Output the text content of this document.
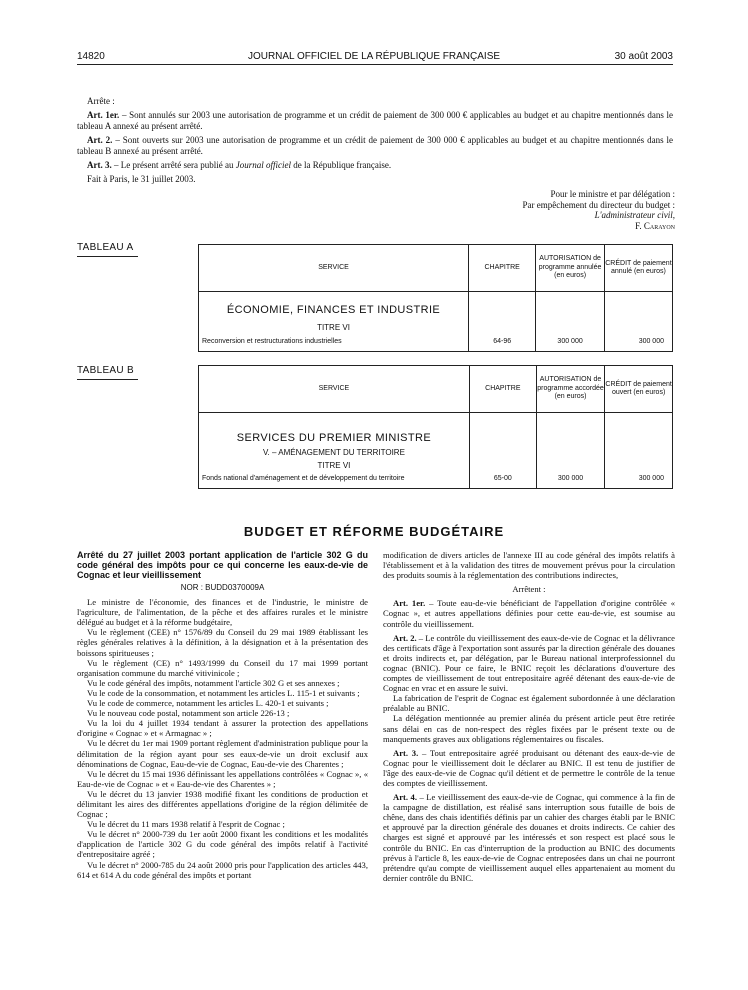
14820	JOURNAL OFFICIEL DE LA RÉPUBLIQUE FRANÇAISE	30 août 2003

Arrête :

Art. 1er. – Sont annulés sur 2003 une autorisation de programme et un crédit de paiement de 300 000 € applicables au budget et au chapitre mentionnés dans le tableau A annexé au présent arrêté.

Art. 2. – Sont ouverts sur 2003 une autorisation de programme et un crédit de paiement de 300 000 € applicables au budget et au chapitre mentionnés dans le tableau B annexé au présent arrêté.

Art. 3. – Le présent arrêté sera publié au Journal officiel de la République française.

Fait à Paris, le 31 juillet 2003.

Pour le ministre et par délégation :
Par empêchement du directeur du budget :
L'administrateur civil,
F. Carayon
TABLEAU A
SERVICE	CHAPITRE	AUTORISATION de programme annulée (en euros)	CRÉDIT de paiement annulé (en euros)

ÉCONOMIE, FINANCES ET INDUSTRIE
TITRE VI
Reconversion et restructurations industrielles	64-96	300 000	300 000
TABLEAU B
SERVICE	CHAPITRE	AUTORISATION de programme accordée (en euros)	CRÉDIT de paiement ouvert (en euros)

SERVICES DU PREMIER MINISTRE
V. – AMÉNAGEMENT DU TERRITOIRE
TITRE VI
Fonds national d'aménagement et de développement du territoire	65-00	300 000	300 000
BUDGET ET RÉFORME BUDGÉTAIRE

Arrêté du 27 juillet 2003 portant application de l'article 302 G du code général des impôts pour ce qui concerne les eaux-de-vie de Cognac et leur vieillissement

NOR : BUDD0370009A

Le ministre de l'économie, des finances et de l'industrie, le ministre de l'agriculture, de l'alimentation, de la pêche et des affaires rurales et le ministre délégué au budget et à la réforme budgétaire,

Vu le règlement (CEE) n° 1576/89 du Conseil du 29 mai 1989 établissant les règles générales relatives à la définition, à la désignation et à la présentation des boissons spiritueuses ;

Vu le règlement (CE) n° 1493/1999 du Conseil du 17 mai 1999 portant organisation commune du marché vitivinicole ;

Vu le code général des impôts, notamment l'article 302 G et ses annexes ;

Vu le code de la consommation, et notamment les articles L. 115-1 et suivants ;

Vu le code de commerce, notamment les articles L. 420-1 et suivants ;

Vu le nouveau code postal, notamment son article 226-13 ;

Vu la loi du 4 juillet 1934 tendant à assurer la protection des appellations d'origine « Cognac » et « Armagnac » ;

Vu le décret du 1er mai 1909 portant règlement d'administration publique pour la délimitation de la région ayant pour ses eaux-de-vie un droit exclusif aux dénominations de Cognac, Eau-de-vie de Cognac, Eau-de-vie des Charentes ;

Vu le décret du 15 mai 1936 définissant les appellations contrôlées « Cognac », « Eau-de-vie de Cognac » et « Eau-de-vie des Charentes » ;

Vu le décret du 13 janvier 1938 modifié fixant les conditions de production et délimitant les aires des différentes appellations d'origine de la région délimitée de Cognac ;

Vu le décret du 11 mars 1938 relatif à l'esprit de Cognac ;

Vu le décret n° 2000-739 du 1er août 2000 fixant les conditions et les modalités d'application de l'article 302 G du code général des impôts relatif à l'activité d'entrepositaire agréé ;

Vu le décret n° 2000-785 du 24 août 2000 pris pour l'application des articles 443, 614 et 614 A du code général des impôts et portant

modification de divers articles de l'annexe III au code général des impôts relatifs à l'établissement et à la validation des titres de mouvement prévus pour la circulation des produits soumis à la réglementation des contributions indirectes,

Arrêtent :

Art. 1er. – Toute eau-de-vie bénéficiant de l'appellation d'origine contrôlée « Cognac », et autres appellations définies pour cette eau-de-vie, est soumise au contrôle du vieillissement.

Art. 2. – Le contrôle du vieillissement des eaux-de-vie de Cognac et la délivrance des certificats d'âge à l'exportation sont assurés par la direction générale des douanes et droits indirects et, par délégation, par le Bureau national interprofessionnel du cognac (BNIC). Pour ce faire, le BNIC reçoit les déclarations d'ouverture des comptes de vieillissement de tout entrepositaire agréé détenant des eaux-de-vie de Cognac en vrac et en assure le suivi.

La fabrication de l'esprit de Cognac est également subordonnée à une déclaration préalable au BNIC.

La délégation mentionnée au premier alinéa du présent article peut être retirée sans délai en cas de non-respect des règles fixées par le présent texte ou de manquements graves aux obligations réglementaires ou fiscales.

Art. 3. – Tout entrepositaire agréé produisant ou détenant des eaux-de-vie de Cognac pour le vieillissement doit le déclarer au BNIC. Il est tenu de justifier de l'âge des eaux-de-vie de Cognac qu'il détient et de permettre le contrôle de la tenue des comptes de vieillissement.

Art. 4. – Le vieillissement des eaux-de-vie de Cognac, qui commence à la fin de la campagne de distillation, est réalisé sans interruption sous futaille de bois de chêne, dans des chais identifiés définis par un cahier des charges établi par le BNIC et approuvé par la direction générale des douanes et droits indirects. Ce cahier des charges est signé et approuvé par les intéressés et son respect est placé sous le contrôle du BNIC. En cas d'interruption de la production au BNIC des documents prévus à l'article 8, les eaux-de-vie de Cognac entreposées dans un chai ne pourront prétendre qu'au compte de vieillissement auquel elles appartenaient au moment du dernier contrôle du BNIC.
